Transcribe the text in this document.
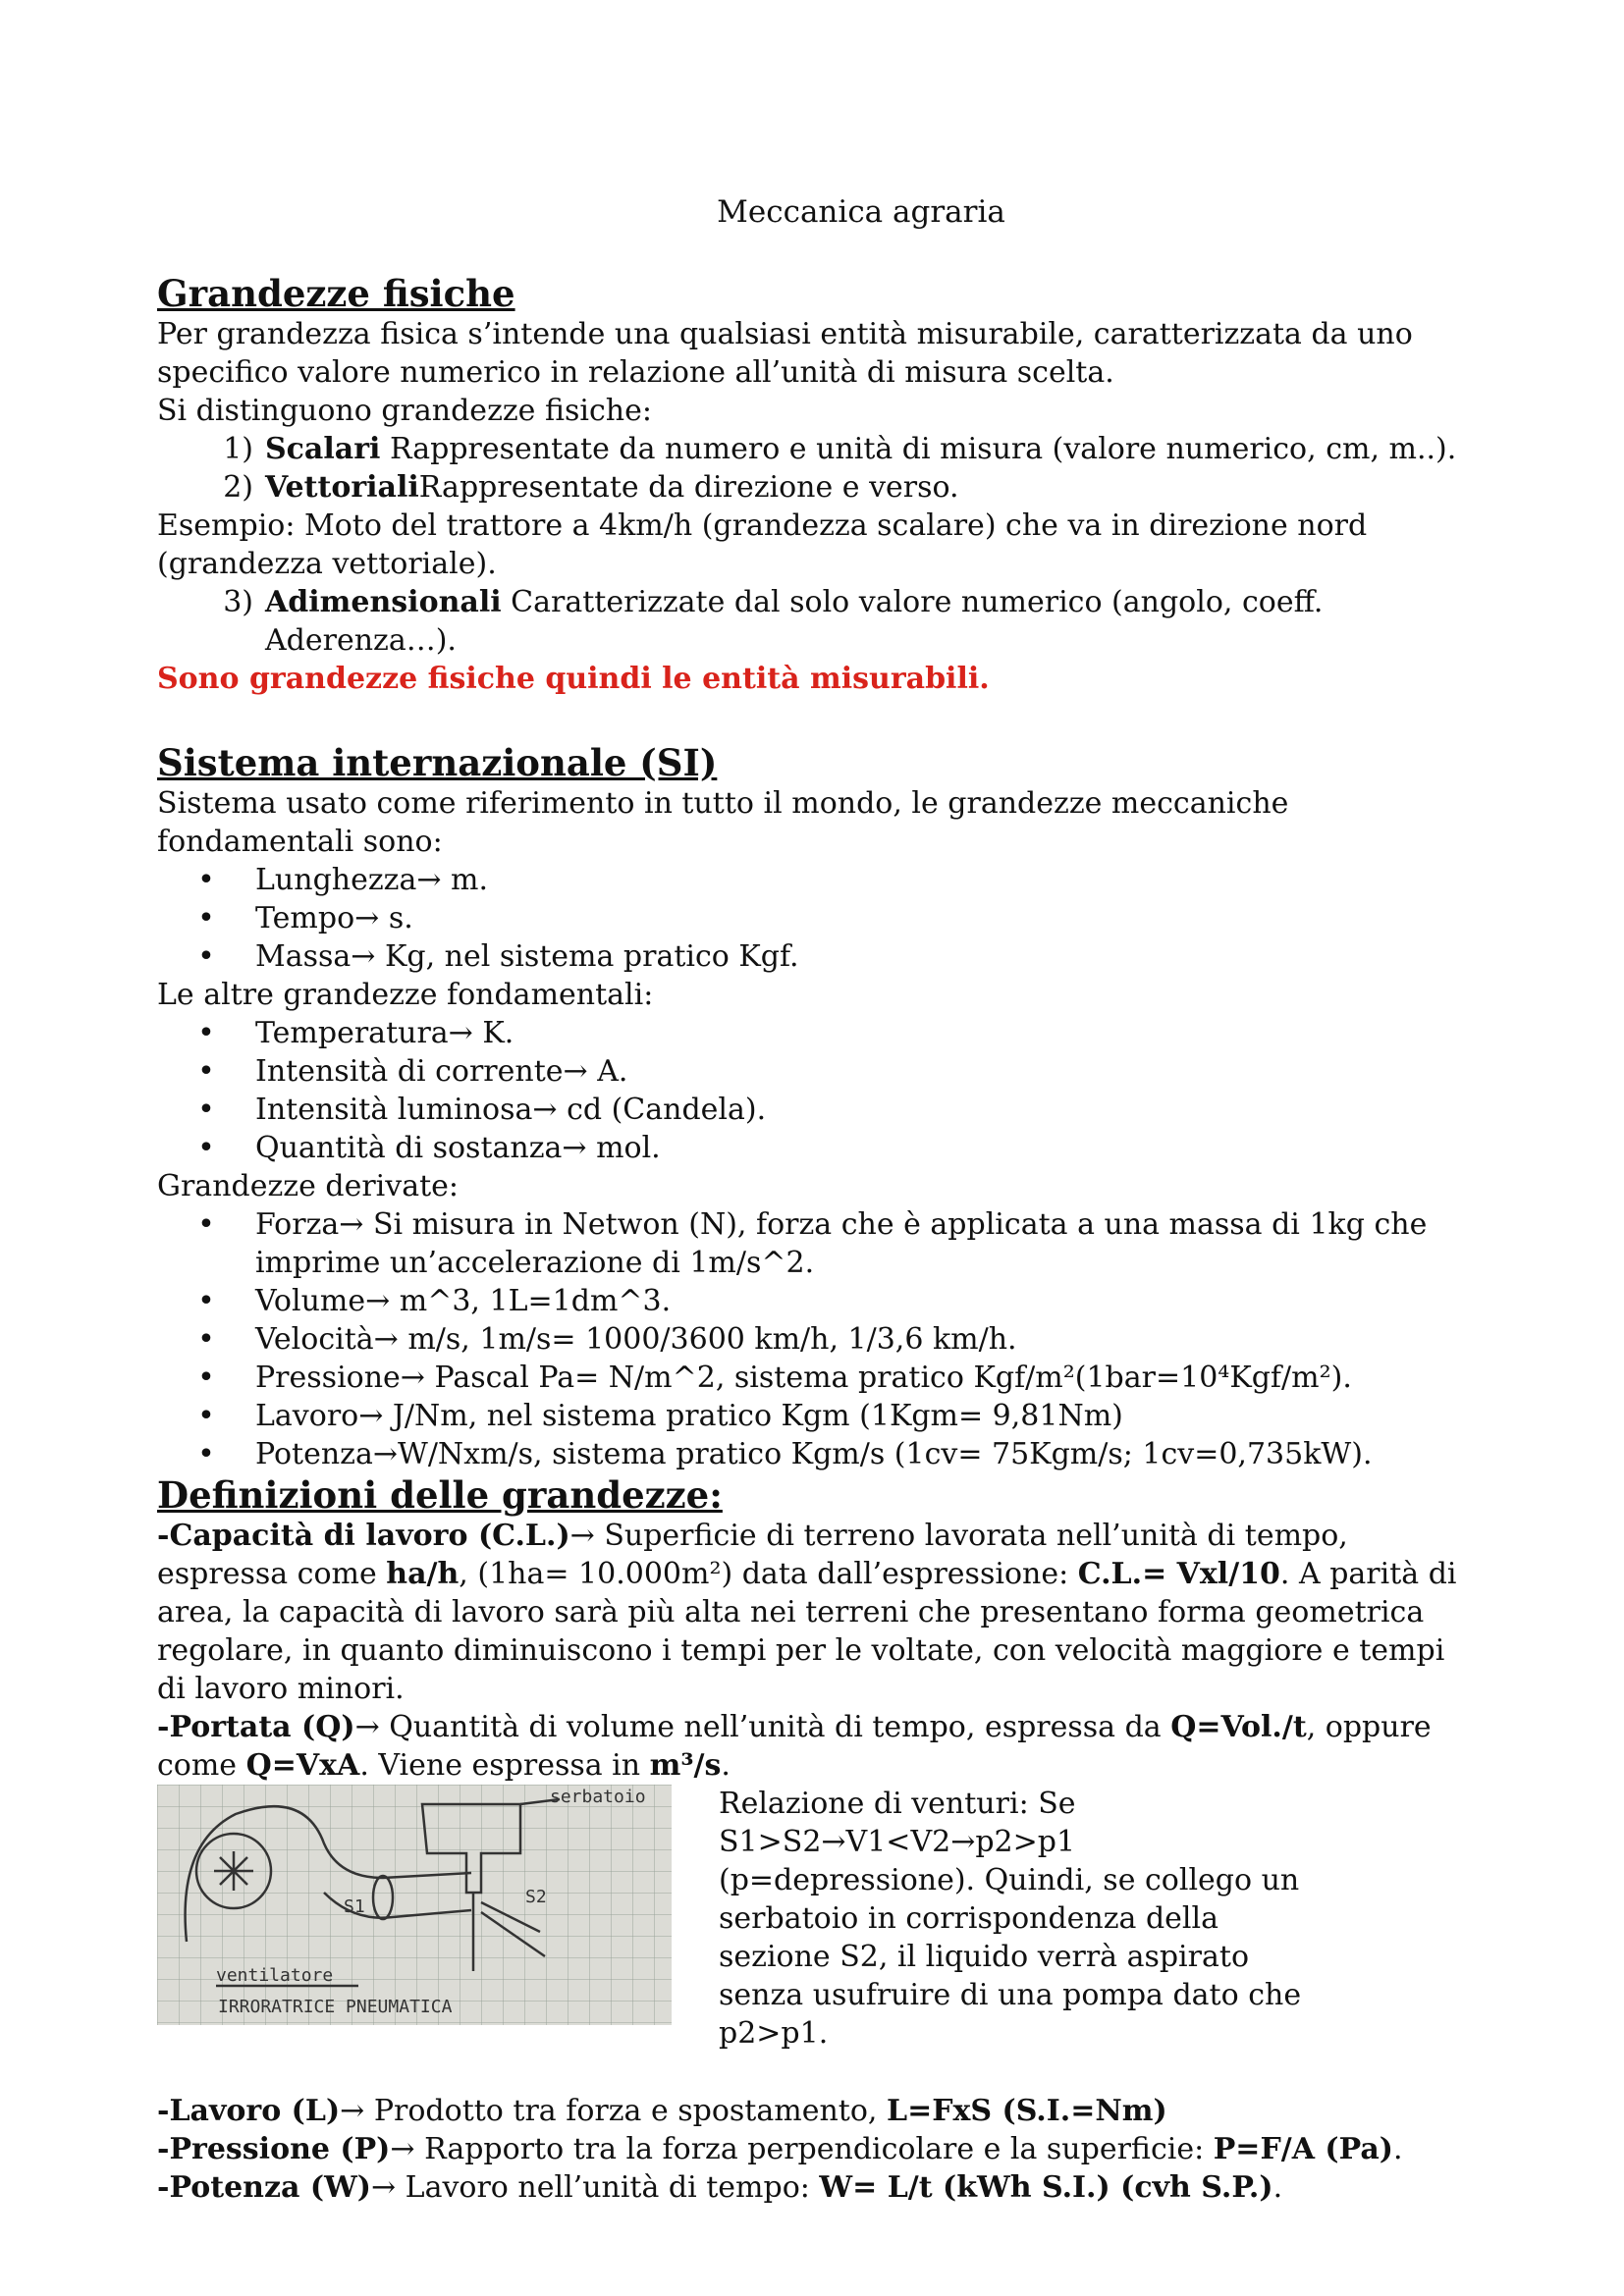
Meccanica agraria
Grandezze fisiche

Per grandezza fisica s’intende una qualsiasi entità misurabile, caratterizzata da uno specifico valore numerico in relazione all’unità di misura scelta.

Si distinguono grandezze fisiche:

1) Scalari Rappresentate da numero e unità di misura (valore numerico, cm, m..).
2) VettorialiRappresentate da direzione e verso.

Esempio: Moto del trattore a 4km/h (grandezza scalare) che va in direzione nord (grandezza vettoriale).

3) Adimensionali Caratterizzate dal solo valore numerico (angolo, coeff. Aderenza…).

Sono grandezze fisiche quindi le entità misurabili.

Sistema internazionale (SI)

Sistema usato come riferimento in tutto il mondo, le grandezze meccaniche fondamentali sono:

•	Lunghezza→ m.
•	Tempo→ s.
•	Massa→ Kg, nel sistema pratico Kgf.

Le altre grandezze fondamentali:

•	Temperatura→ K.
•	Intensità di corrente→ A.
•	Intensità luminosa→ cd (Candela).
•	Quantità di sostanza→ mol.

Grandezze derivate:

•	Forza→ Si misura in Netwon (N), forza che è applicata a una massa di 1kg che imprime un’accelerazione di 1m/s^2.
•	Volume→ m^3, 1L=1dm^3.
•	Velocità→ m/s, 1m/s= 1000/3600 km/h, 1/3,6 km/h.
•	Pressione→ Pascal Pa= N/m^2, sistema pratico Kgf/m²(1bar=10⁴Kgf/m²).
•	Lavoro→ J/Nm, nel sistema pratico Kgm (1Kgm= 9,81Nm)
•	Potenza→W/Nxm/s, sistema pratico Kgm/s (1cv= 75Kgm/s; 1cv=0,735kW).
Definizioni delle grandezze:

-Capacità di lavoro (C.L.)→ Superficie di terreno lavorata nell’unità di tempo, espressa come ha/h, (1ha= 10.000m²) data dall’espressione: C.L.= Vxl/10. A parità di area, la capacità di lavoro sarà più alta nei terreni che presentano forma geometrica regolare, in quanto diminuiscono i tempi per le voltate, con velocità maggiore e tempi di lavoro minori.

-Portata (Q)→ Quantità di volume nell’unità di tempo, espressa da Q=Vol./t, oppure come Q=VxA. Viene espressa in m³/s.

serbatoio
S1	S2
ventilatore
IRRORATRICE PNEUMATICA

Relazione di venturi: Se S1>S2→V1<V2→p2>p1 (p=depressione). Quindi, se collego un serbatoio in corrispondenza della sezione S2, il liquido verrà aspirato senza usufruire di una pompa dato che p2>p1.

-Lavoro (L)→ Prodotto tra forza e spostamento, L=FxS (S.I.=Nm)

-Pressione (P)→ Rapporto tra la forza perpendicolare e la superficie: P=F/A (Pa).

-Potenza (W)→ Lavoro nell’unità di tempo: W= L/t (kWh S.I.) (cvh S.P.).
